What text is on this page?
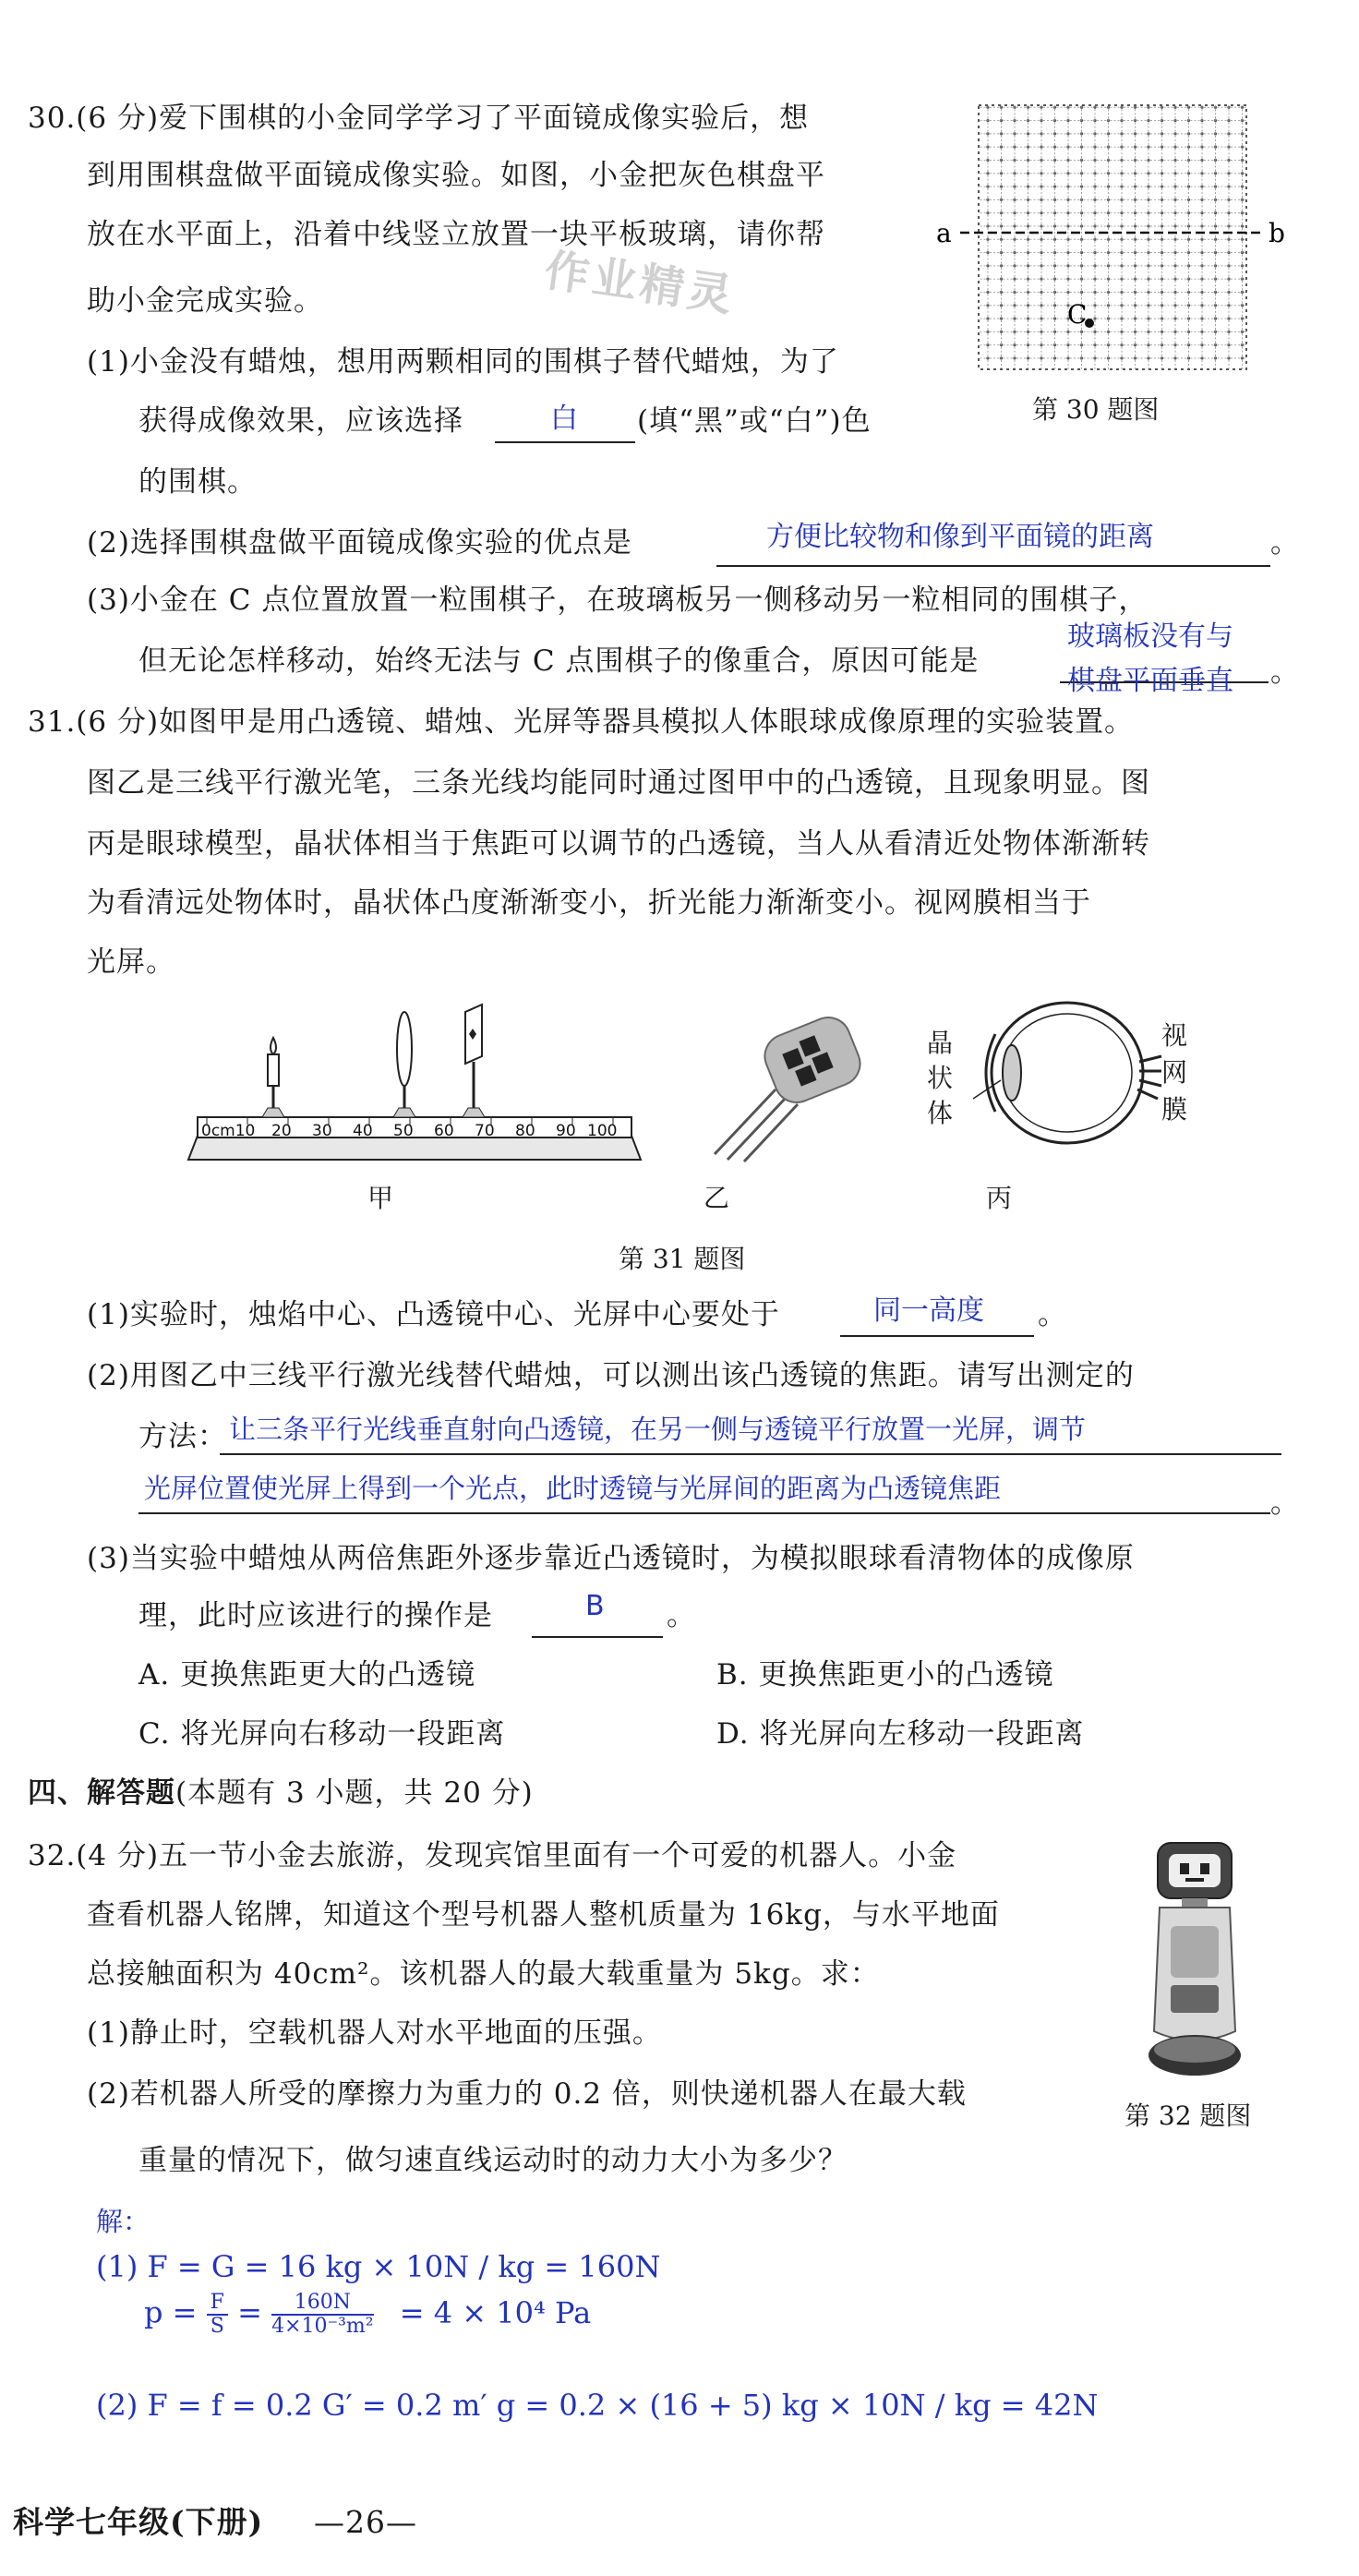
30.(6 分)爱下围棋的小金同学学习了平面镜成像实验后，想
到用围棋盘做平面镜成像实验。如图，小金把灰色棋盘平
放在水平面上，沿着中线竖立放置一块平板玻璃，请你帮
助小金完成实验。	作业精灵
(1)小金没有蜡烛，想用两颗相同的围棋子替代蜡烛，为了
获得成像效果，应该选择	白 (填“黑”或“白”)色
的围棋。
(2)选择围棋盘做平面镜成像实验的优点是	方便比较物和像到平面镜的距离	。
(3)小金在 C 点位置放置一粒围棋子，在玻璃板另一侧移动另一粒相同的围棋子，
但无论怎样移动，始终无法与 C 点围棋子的像重合，原因可能是
玻璃板没有与
棋盘平面垂直 。
a	b
C
第 30 题图
31.(6 分)如图甲是用凸透镜、蜡烛、光屏等器具模拟人体眼球成像原理的实验装置。
图乙是三线平行激光笔，三条光线均能同时通过图甲中的凸透镜，且现象明显。图
丙是眼球模型，晶状体相当于焦距可以调节的凸透镜，当人从看清近处物体渐渐转
为看清远处物体时，晶状体凸度渐渐变小，折光能力渐渐变小。视网膜相当于
光屏。
0cm10 20 30 40 50 60 70 80 90 100
甲	乙
晶
状
体
视
网
膜
丙
第 31 题图
(1)实验时，烛焰中心、凸透镜中心、光屏中心要处于	同一高度 。
(2)用图乙中三线平行激光线替代蜡烛，可以测出该凸透镜的焦距。请写出测定的
方法： 让三条平行光线垂直射向凸透镜，在另一侧与透镜平行放置一光屏，调节
光屏位置使光屏上得到一个光点，此时透镜与光屏间的距离为凸透镜焦距	。
(3)当实验中蜡烛从两倍焦距外逐步靠近凸透镜时，为模拟眼球看清物体的成像原
理，此时应该进行的操作是	B 。
A. 更换焦距更大的凸透镜	B. 更换焦距更小的凸透镜
C. 将光屏向右移动一段距离	D. 将光屏向左移动一段距离
四、解答题(本题有 3 小题，共 20 分)
32.(4 分)五一节小金去旅游，发现宾馆里面有一个可爱的机器人。小金
查看机器人铭牌，知道这个型号机器人整机质量为 16kg，与水平地面
总接触面积为 40cm²。该机器人的最大载重量为 5kg。求：
(1)静止时，空载机器人对水平地面的压强。
(2)若机器人所受的摩擦力为重力的 0.2 倍，则快递机器人在最大载
重量的情况下，做匀速直线运动时的动力大小为多少？
第 32 题图
解：
(1) F = G = 16 kg × 10N / kg = 160N
$p = \frac{F}{S} = \frac{160N}{\text{4×10⁻³m²}} = 4 \times 10^4$ Pa
(2) F = f = 0.2 G′ = 0.2 m′ g = 0.2 × (16 + 5) kg × 10N / kg = 42N
科学七年级(下册) —26—
